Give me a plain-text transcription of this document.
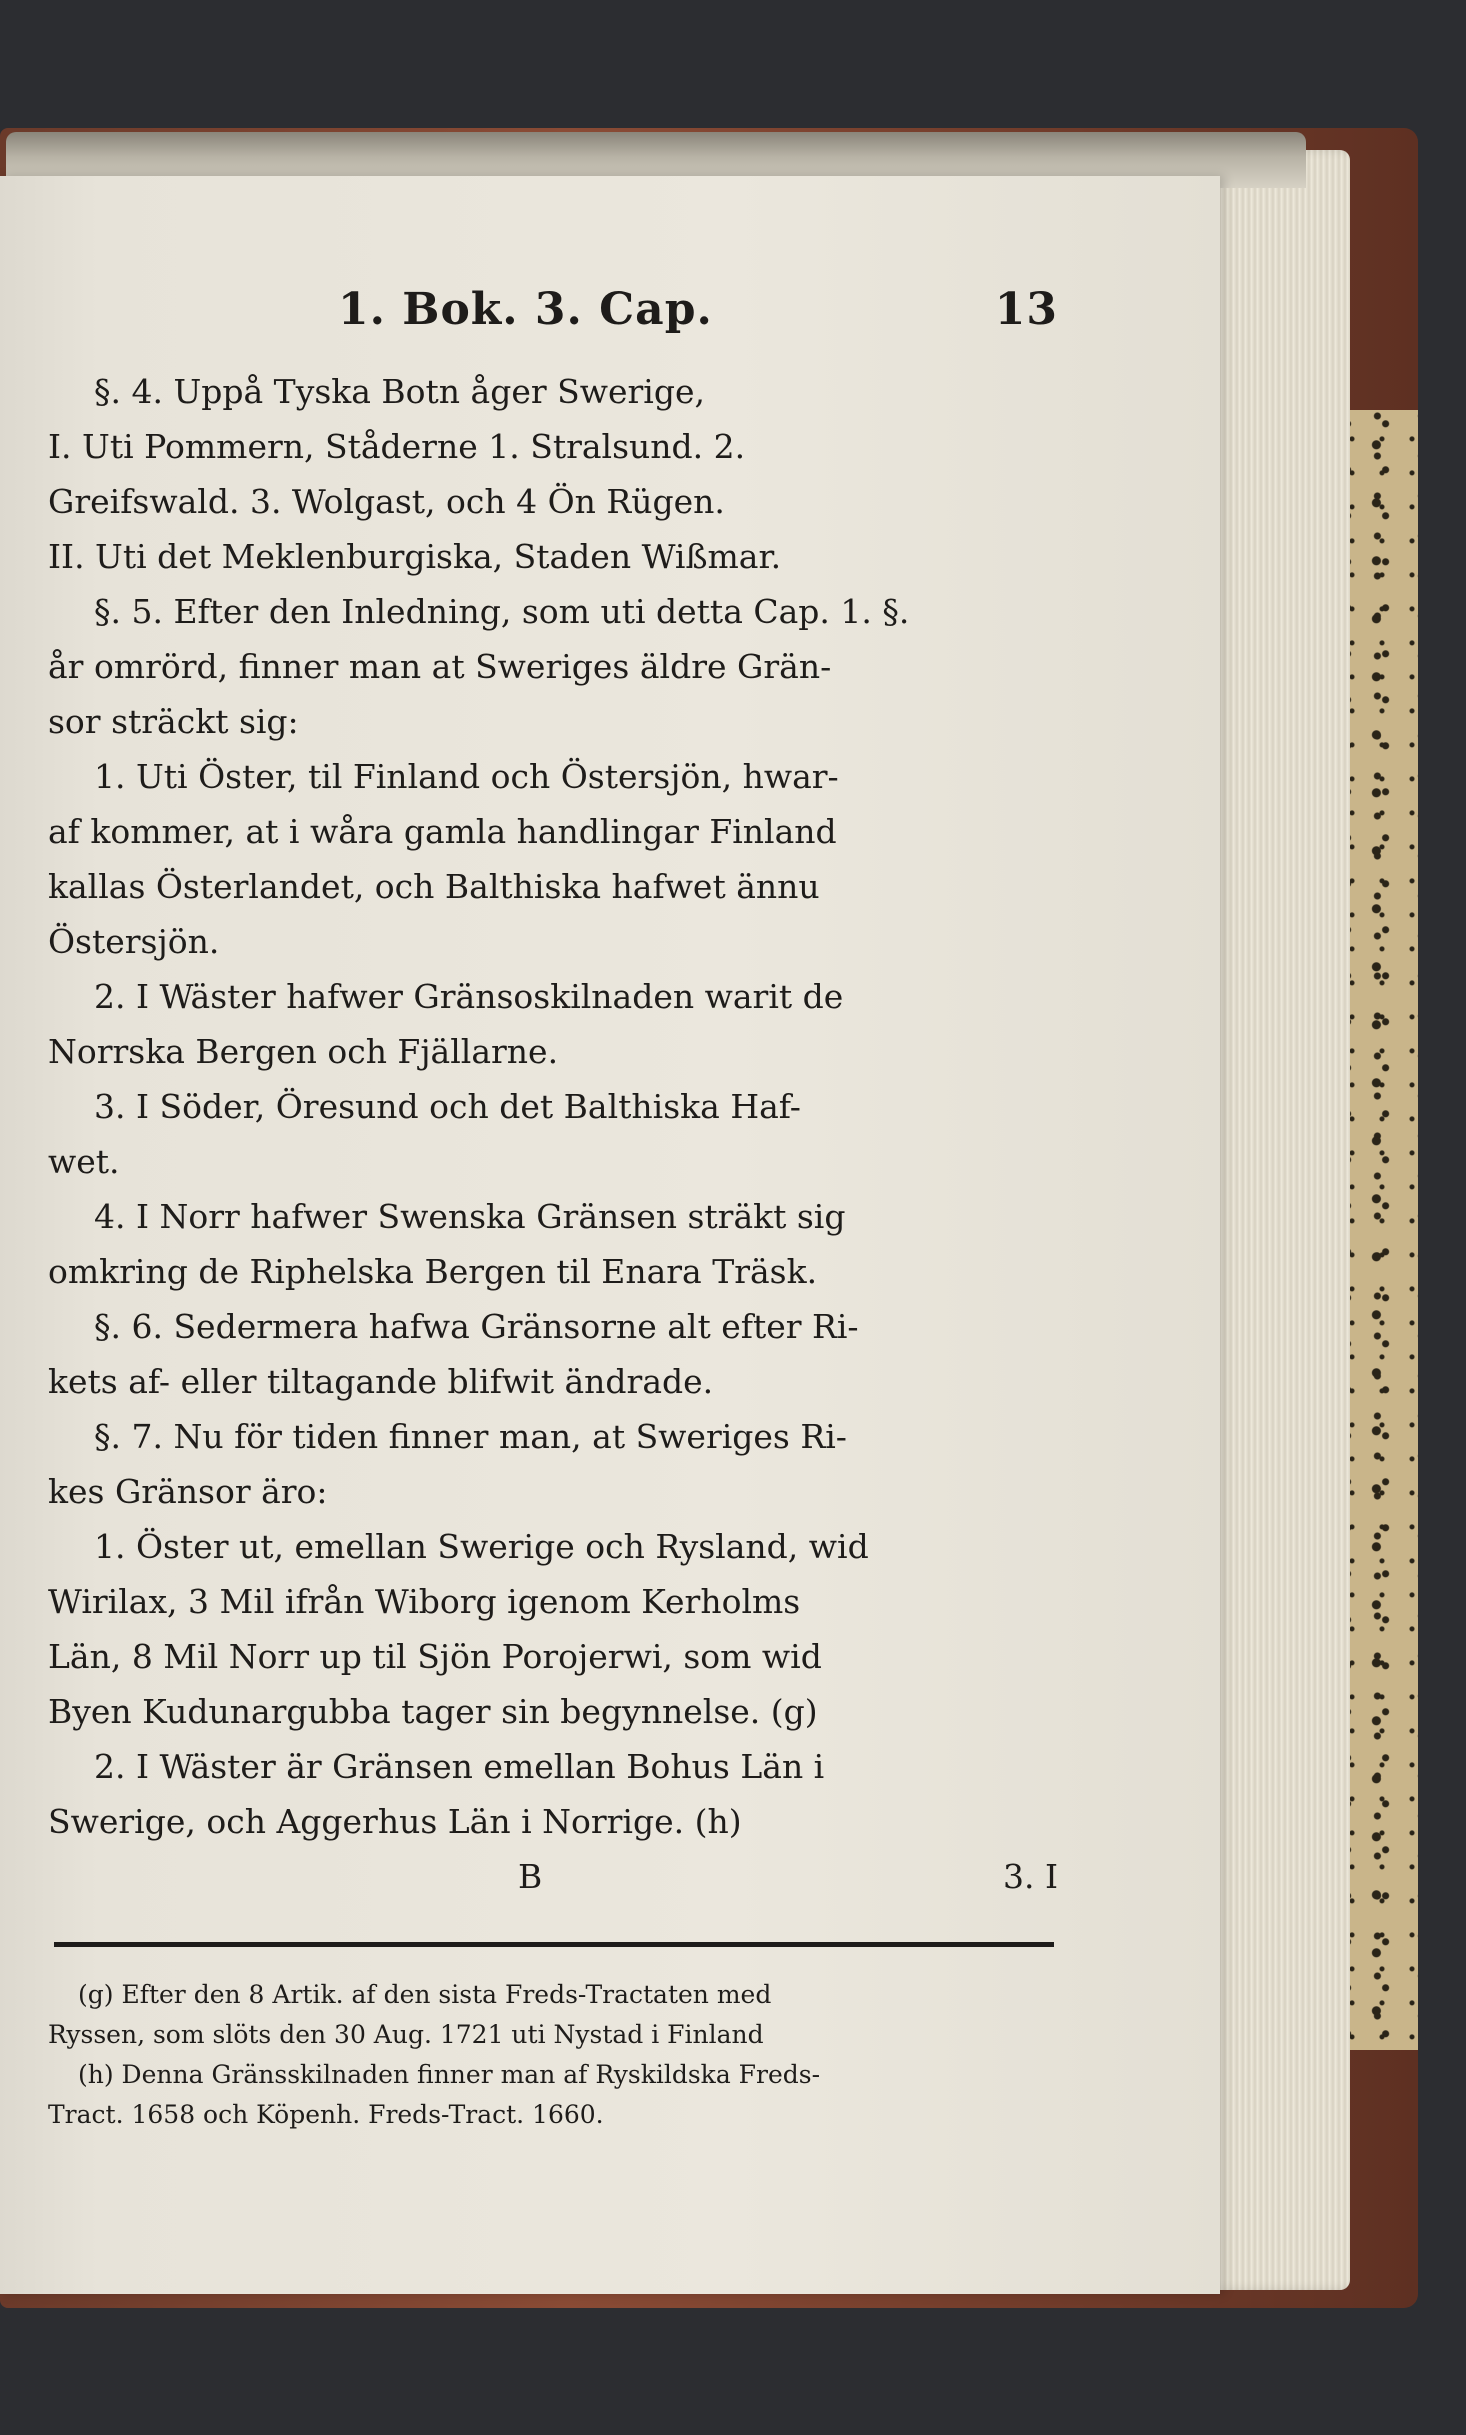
1. Bok. 3. Cap.	13
§. 4. Uppå Tyska Botn åger Swerige,
I. Uti Pommern, Ståderne 1. Stralsund. 2.
Greifswald. 3. Wolgast, och 4 Ön Rügen.
II. Uti det Meklenburgiska, Staden Wißmar.
§. 5. Efter den Inledning, som uti detta Cap. 1. §.
år omrörd, finner man at Sweriges äldre Grän-
sor sträckt sig:
1. Uti Öster, til Finland och Östersjön, hwar-
af kommer, at i wåra gamla handlingar Finland
kallas Österlandet, och Balthiska hafwet ännu
Östersjön.
2. I Wäster hafwer Gränsoskilnaden warit de
Norrska Bergen och Fjällarne.
3. I Söder, Öresund och det Balthiska Haf-
wet.
4. I Norr hafwer Swenska Gränsen sträkt sig
omkring de Riphelska Bergen til Enara Träsk.
§. 6. Sedermera hafwa Gränsorne alt efter Ri-
kets af- eller tiltagande blifwit ändrade.
§. 7. Nu för tiden finner man, at Sweriges Ri-
kes Gränsor äro:
1. Öster ut, emellan Swerige och Rysland, wid
Wirilax, 3 Mil ifrån Wiborg igenom Kerholms
Län, 8 Mil Norr up til Sjön Porojerwi, som wid
Byen Kudunargubba tager sin begynnelse. (g)
2. I Wäster är Gränsen emellan Bohus Län i
Swerige, och Aggerhus Län i Norrige. (h)
B	3. I
(g) Efter den 8 Artik. af den sista Freds-Tractaten med
Ryssen, som slöts den 30 Aug. 1721 uti Nystad i Finland
(h) Denna Gränsskilnaden finner man af Ryskildska Freds-
Tract. 1658 och Köpenh. Freds-Tract. 1660.
